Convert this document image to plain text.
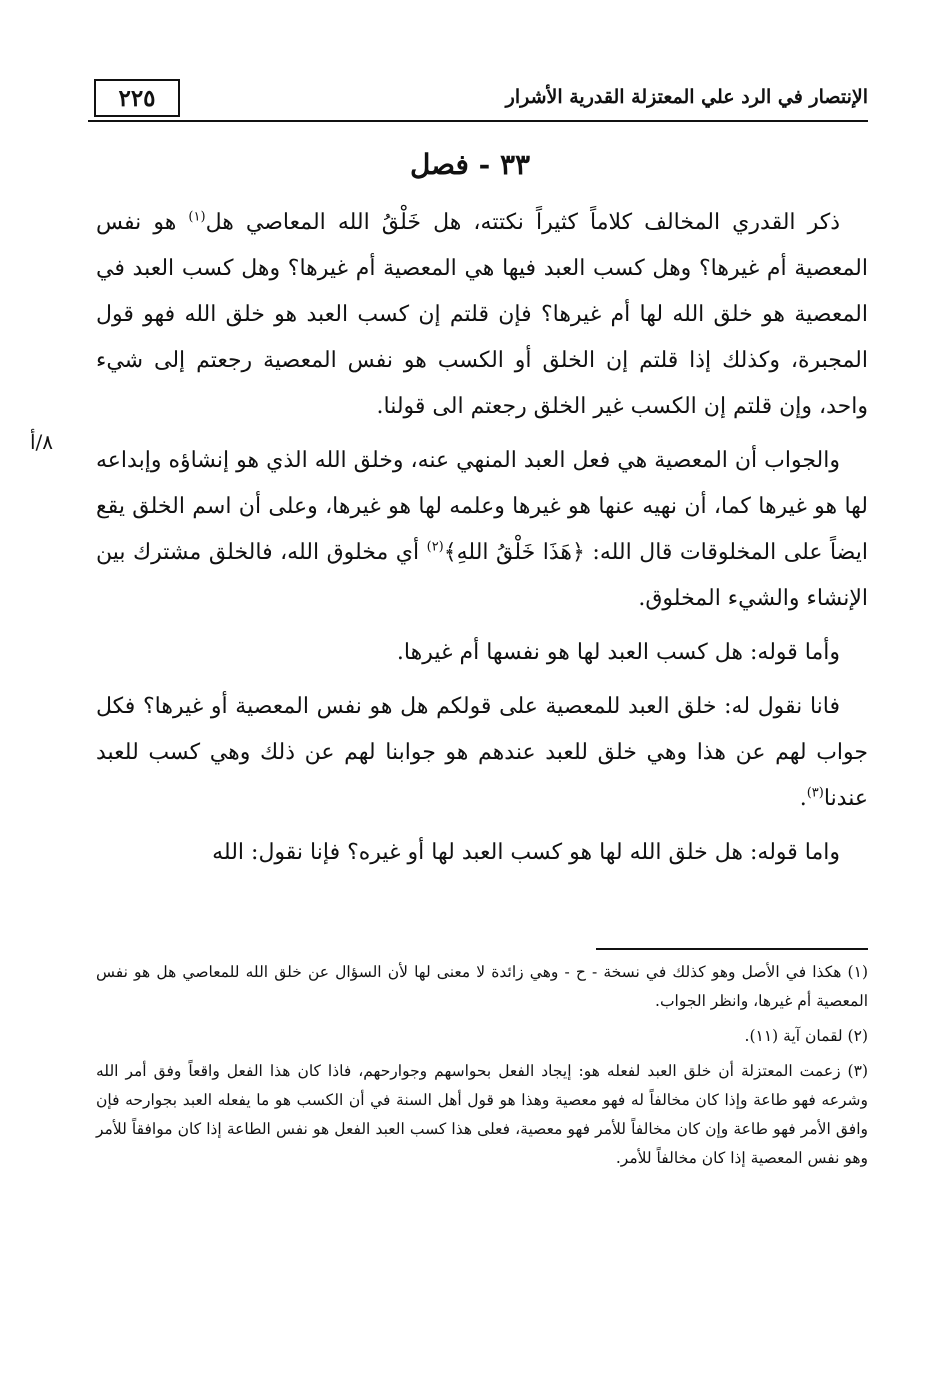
٢٢٥	الإنتصار في الرد علي المعتزلة القدرية الأشرار
٣٣ - فصل
٨/أ

ذكر القدري المخالف كلاماً كثيراً نكتته، هل خَلْقُ الله المعاصي هل$^{(١)}$ هو نفس المعصية أم غيرها؟ وهل كسب العبد فيها هي المعصية أم غيرها؟ وهل كسب العبد في المعصية هو خلق الله لها أم غيرها؟ فإن قلتم إن كسب العبد هو خلق الله فهو قول المجبرة، وكذلك إذا قلتم إن الخلق أو الكسب هو نفس المعصية رجعتم إلى شيء واحد، وإن قلتم إن الكسب غير الخلق رجعتم الى قولنا.

والجواب أن المعصية هي فعل العبد المنهي عنه، وخلق الله الذي هو إنشاؤه وإبداعه لها هو غيرها كما، أن نهيه عنها هو غيرها وعلمه لها هو غيرها، وعلى أن اسم الخلق يقع ايضاً على المخلوقات قال الله: ﴿هَذَا خَلْقُ اللهِ﴾$^{(٢)}$ أي مخلوق الله، فالخلق مشترك بين الإنشاء والشيء المخلوق.

وأما قوله: هل كسب العبد لها هو نفسها أم غيرها.

فانا نقول له: خلق العبد للمعصية على قولكم هل هو نفس المعصية أو غيرها؟ فكل جواب لهم عن هذا وهي خلق للعبد عندهم هو جوابنا لهم عن ذلك وهي كسب للعبد عندنا$^{(٣)}$.

واما قوله: هل خلق الله لها هو كسب العبد لها أو غيره؟ فإنا نقول: الله

(١) هكذا في الأصل وهو كذلك في نسخة - ح - وهي زائدة لا معنى لها لأن السؤال عن خلق الله للمعاصي هل هو نفس المعصية أم غيرها، وانظر الجواب.

(٢) لقمان آية (١١).

(٣) زعمت المعتزلة أن خلق العبد لفعله هو: إيجاد الفعل بحواسهم وجوارحهم، فاذا كان هذا الفعل واقعاً وفق أمر الله وشرعه فهو طاعة وإذا كان مخالفاً له فهو معصية وهذا هو قول أهل السنة في أن الكسب هو ما يفعله العبد بجوارحه فإن وافق الأمر فهو طاعة وإن كان مخالفاً للأمر فهو معصية، فعلى هذا كسب العبد الفعل هو نفس الطاعة إذا كان موافقاً للأمر وهو نفس المعصية إذا كان مخالفاً للأمر.
